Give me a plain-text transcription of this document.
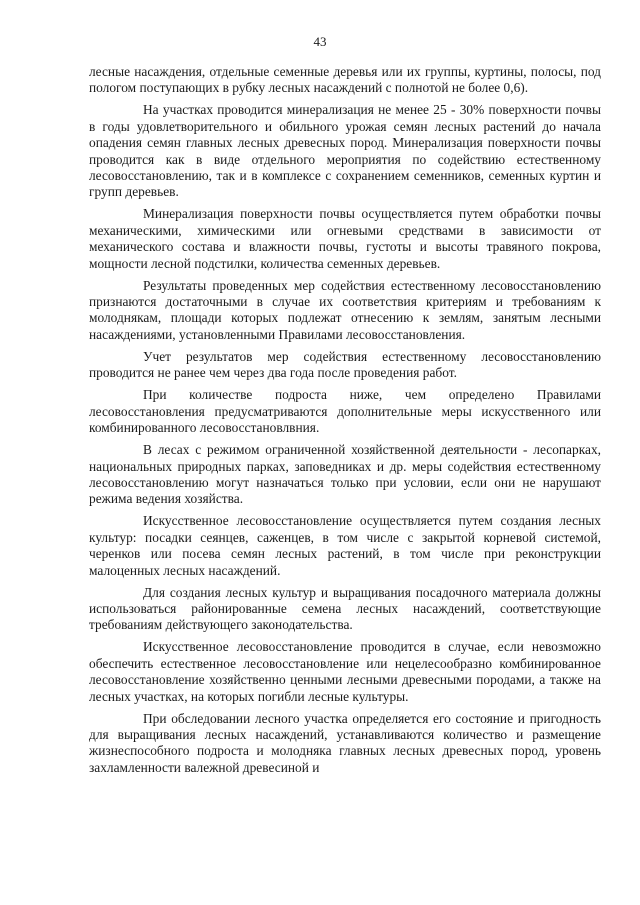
43

лесные насаждения, отдельные семенные деревья или их группы, куртины, полосы, под пологом поступающих в рубку лесных насаждений с полнотой не более 0,6).

На участках проводится минерализация не менее 25 - 30% поверхности почвы в годы удовлетворительного и обильного урожая семян лесных растений до начала опадения семян главных лесных древесных пород. Минерализация поверхности почвы проводится как в виде отдельного мероприятия по содействию естественному лесовосстановлению, так и в комплексе с сохранением семенников, семенных куртин и групп деревьев.

Минерализация поверхности почвы осуществляется путем обработки почвы механическими, химическими или огневыми средствами в зависимости от механического состава и влажности почвы, густоты и высоты травяного покрова, мощности лесной подстилки, количества семенных деревьев.

Результаты проведенных мер содействия естественному лесовосстановлению признаются достаточными в случае их соответствия критериям и требованиям к молоднякам, площади которых подлежат отнесению к землям, занятым лесными насаждениями, установленными Правилами лесовосстановления.

Учет результатов мер содействия естественному лесовосстановлению проводится не ранее чем через два года после проведения работ.

При количестве подроста ниже, чем определено Правилами лесовосстановления предусматриваются дополнительные меры искусственного или комбинированного лесовосстановлвния.

В лесах с режимом ограниченной хозяйственной деятельности - лесопарках, национальных природных парках, заповедниках и др. меры содействия естественному лесовосстановлению могут назначаться только при условии, если они не нарушают режима ведения хозяйства.

Искусственное лесовосстановление осуществляется путем создания лесных культур: посадки сеянцев, саженцев, в том числе с закрытой корневой системой, черенков или посева семян лесных растений, в том числе при реконструкции малоценных лесных насаждений.

Для создания лесных культур и выращивания посадочного материала должны использоваться районированные семена лесных насаждений, соответствующие требованиям действующего законодательства.

Искусственное лесовосстановление проводится в случае, если невозможно обеспечить естественное лесовосстановление или нецелесообразно комбинированное лесовосстановление хозяйственно ценными лесными древесными породами, а также на лесных участках, на которых погибли лесные культуры.

При обследовании лесного участка определяется его состояние и пригодность для выращивания лесных насаждений, устанавливаются количество и размещение жизнеспособного подроста и молодняка главных лесных древесных пород, уровень захламленности валежной древесиной и
